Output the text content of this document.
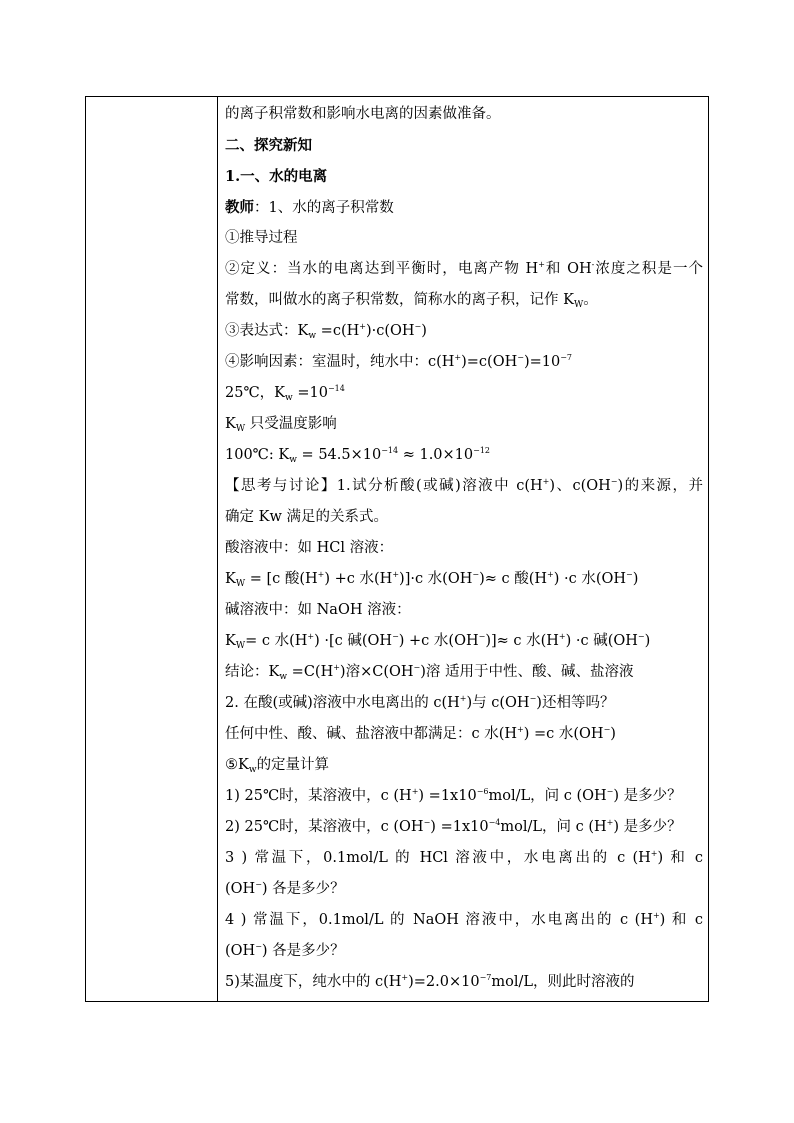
的离子积常数和影响水电离的因素做准备。
二、探究新知
1.一、水的电离
教师：1、水的离子积常数
①推导过程
②定义：当水的电离达到平衡时，电离产物 H+和 OH-浓度之积是一个
常数，叫做水的离子积常数，简称水的离子积，记作 $K_W$。
③表达式：$K_w =c(H^+)\cdot c(OH^-)$
④影响因素：室温时，纯水中：$c(H^+)=c(OH^-)=10^{-7}$
25℃，$K_w =10^{-14}$
$K_W$ 只受温度影响
100℃: $K_w = 54.5\times 10^{-14} \approx 1.0\times 10^{-12}$
【思考与讨论】1.试分析酸(或碱)溶液中 c(H+)、c(OH−)的来源，并
确定 Kw 满足的关系式。
酸溶液中：如 HCl 溶液：
$K_W = [c$ 酸(H+) +c 水(H+)]·c 水(OH−)≈ c 酸(H+) ·c 水(OH−)
碱溶液中：如 NaOH 溶液：
$K_W= c$ 水(H+) ·[c 碱(OH−) +c 水(OH−)]≈ c 水(H+) ·c 碱(OH−)
结论：$K_w =C(H^+)$溶×C(OH−)溶 适用于中性、酸、碱、盐溶液
2. 在酸(或碱)溶液中水电离出的 c(H+)与 c(OH−)还相等吗？
任何中性、酸、碱、盐溶液中都满足：c 水(H+) =c 水(OH−)
$⑤K_w$的定量计算
1) 25℃时，某溶液中，c $(H^+) =1x10^{-6}mol/L$，问 c (OH−) 是多少？
2) 25℃时，某溶液中，c $(OH^-) =1x10^{-4}mol/L$，问 c (H+) 是多少？
3 ) 常温下，0.1mol/L 的 HCl 溶液中，水电离出的 c (H+) 和 c
(OH−) 各是多少？
4 ) 常温下，0.1mol/L 的 NaOH 溶液中，水电离出的 c (H+) 和 c
(OH−) 各是多少？
5)某温度下，纯水中的 $c(H^+)=2.0\times 10^{-7}mol/L$，则此时溶液的
